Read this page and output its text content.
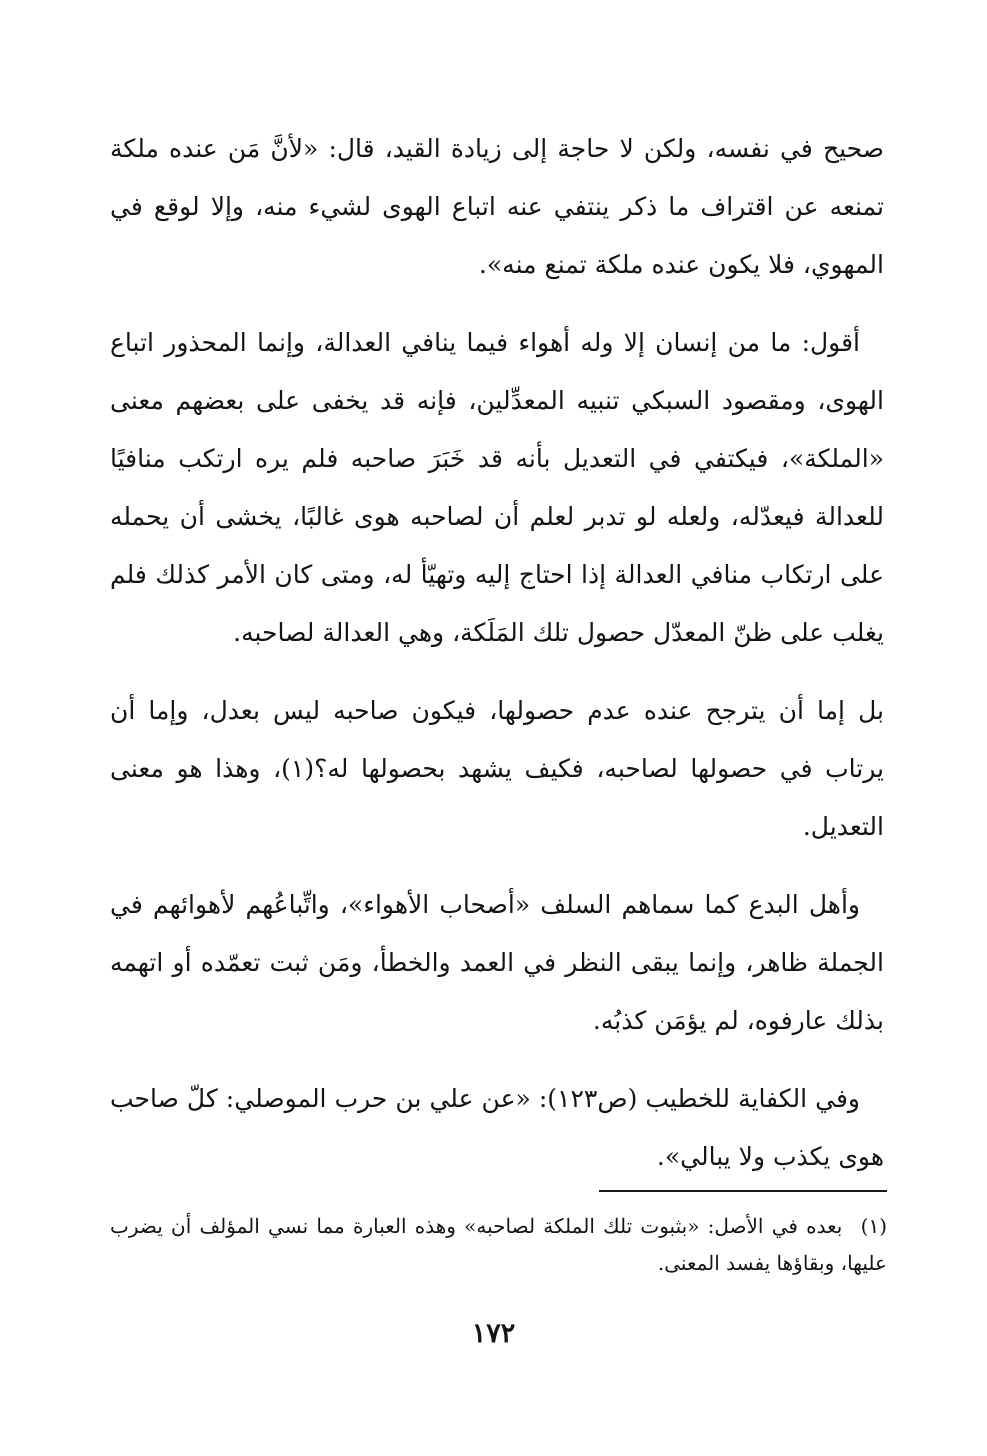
صحيح في نفسه، ولكن لا حاجة إلى زيادة القيد، قال: «لأنَّ مَن عنده ملكة تمنعه عن اقتراف ما ذكر ينتفي عنه اتباع الهوى لشيء منه، وإلا لوقع في المهوي، فلا يكون عنده ملكة تمنع منه».

أقول: ما من إنسان إلا وله أهواء فيما ينافي العدالة، وإنما المحذور اتباع الهوى، ومقصود السبكي تنبيه المعدِّلين، فإنه قد يخفى على بعضهم معنى «الملكة»، فيكتفي في التعديل بأنه قد خَبَرَ صاحبه فلم يره ارتكب منافيًا للعدالة فيعدّله، ولعله لو تدبر لعلم أن لصاحبه هوى غالبًا، يخشى أن يحمله على ارتكاب منافي العدالة إذا احتاج إليه وتهيّأ له، ومتى كان الأمر كذلك فلم يغلب على ظنّ المعدّل حصول تلك المَلَكة، وهي العدالة لصاحبه.

بل إما أن يترجح عنده عدم حصولها، فيكون صاحبه ليس بعدل، وإما أن يرتاب في حصولها لصاحبه، فكيف يشهد بحصولها له؟(١)، وهذا هو معنى التعديل.

وأهل البدع كما سماهم السلف «أصحاب الأهواء»، واتِّباعُهم لأهوائهم في الجملة ظاهر، وإنما يبقى النظر في العمد والخطأ، ومَن ثبت تعمّده أو اتهمه بذلك عارفوه، لم يؤمَن كذبُه.

وفي الكفاية للخطيب (ص١٢٣): «عن علي بن حرب الموصلي: كلّ صاحب هوى يكذب ولا يبالي».

(١) بعده في الأصل: «بثبوت تلك الملكة لصاحبه» وهذه العبارة مما نسي المؤلف أن يضرب عليها، وبقاؤها يفسد المعنى.
١٧٢
